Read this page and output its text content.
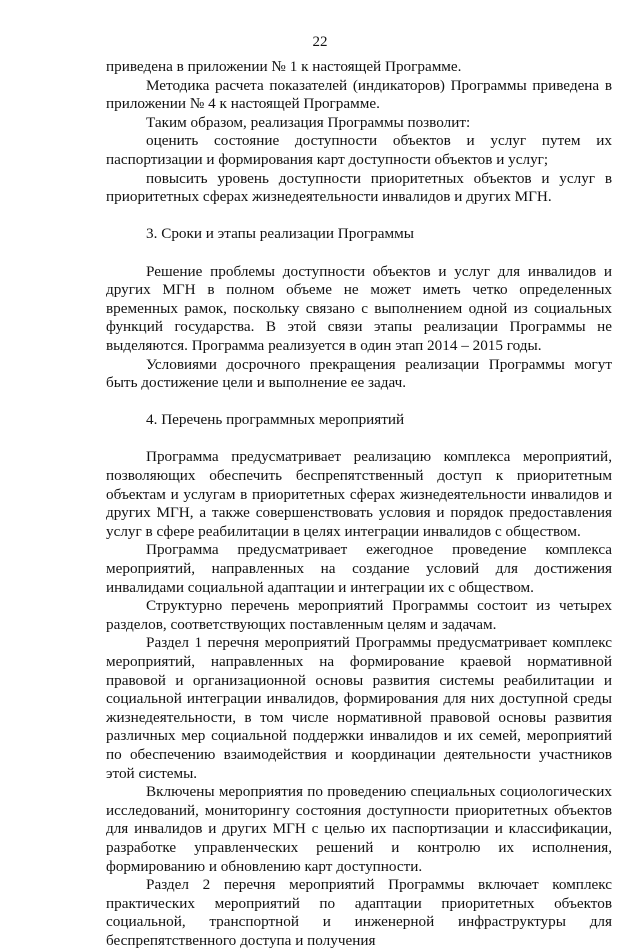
22

приведена в приложении № 1 к настоящей Программе.

Методика расчета показателей (индикаторов) Программы приведена в приложении № 4 к настоящей Программе.

Таким образом, реализация Программы позволит:

оценить состояние доступности объектов и услуг путем их паспортизации и формирования карт доступности объектов и услуг;

повысить уровень доступности приоритетных объектов и услуг в приоритетных сферах жизнедеятельности инвалидов и других МГН.

3. Сроки и этапы реализации Программы

Решение проблемы доступности объектов и услуг для инвалидов и других МГН в полном объеме не может иметь четко определенных временных рамок, поскольку связано с выполнением одной из социальных функций государства. В этой связи этапы реализации Программы не выделяются. Программа реализуется в один этап 2014 – 2015 годы.

Условиями досрочного прекращения реализации Программы могут быть достижение цели и выполнение ее задач.

4. Перечень программных мероприятий

Программа предусматривает реализацию комплекса мероприятий, позволяющих обеспечить беспрепятственный доступ к приоритетным объектам и услугам в приоритетных сферах жизнедеятельности инвалидов и других МГН, а также совершенствовать условия и порядок предоставления услуг в сфере реабилитации в целях интеграции инвалидов с обществом.

Программа предусматривает ежегодное проведение комплекса мероприятий, направленных на создание условий для достижения инвалидами социальной адаптации и интеграции их с обществом.

Структурно перечень мероприятий Программы состоит из четырех разделов, соответствующих поставленным целям и задачам.

Раздел 1 перечня мероприятий Программы предусматривает комплекс мероприятий, направленных на формирование краевой нормативной правовой и организационной основы развития системы реабилитации и социальной интеграции инвалидов, формирования для них доступной среды жизнедеятельности, в том числе нормативной правовой основы развития различных мер социальной поддержки инвалидов и их семей, мероприятий по обеспечению взаимодействия и координации деятельности участников этой системы.

Включены мероприятия по проведению специальных социологических исследований, мониторингу состояния доступности приоритетных объектов для инвалидов и других МГН с целью их паспортизации и классификации, разработке управленческих решений и контролю их исполнения, формированию и обновлению карт доступности.

Раздел 2 перечня мероприятий Программы включает комплекс практических мероприятий по адаптации приоритетных объектов социальной, транспортной и инженерной инфраструктуры для беспрепятственного доступа и получения
